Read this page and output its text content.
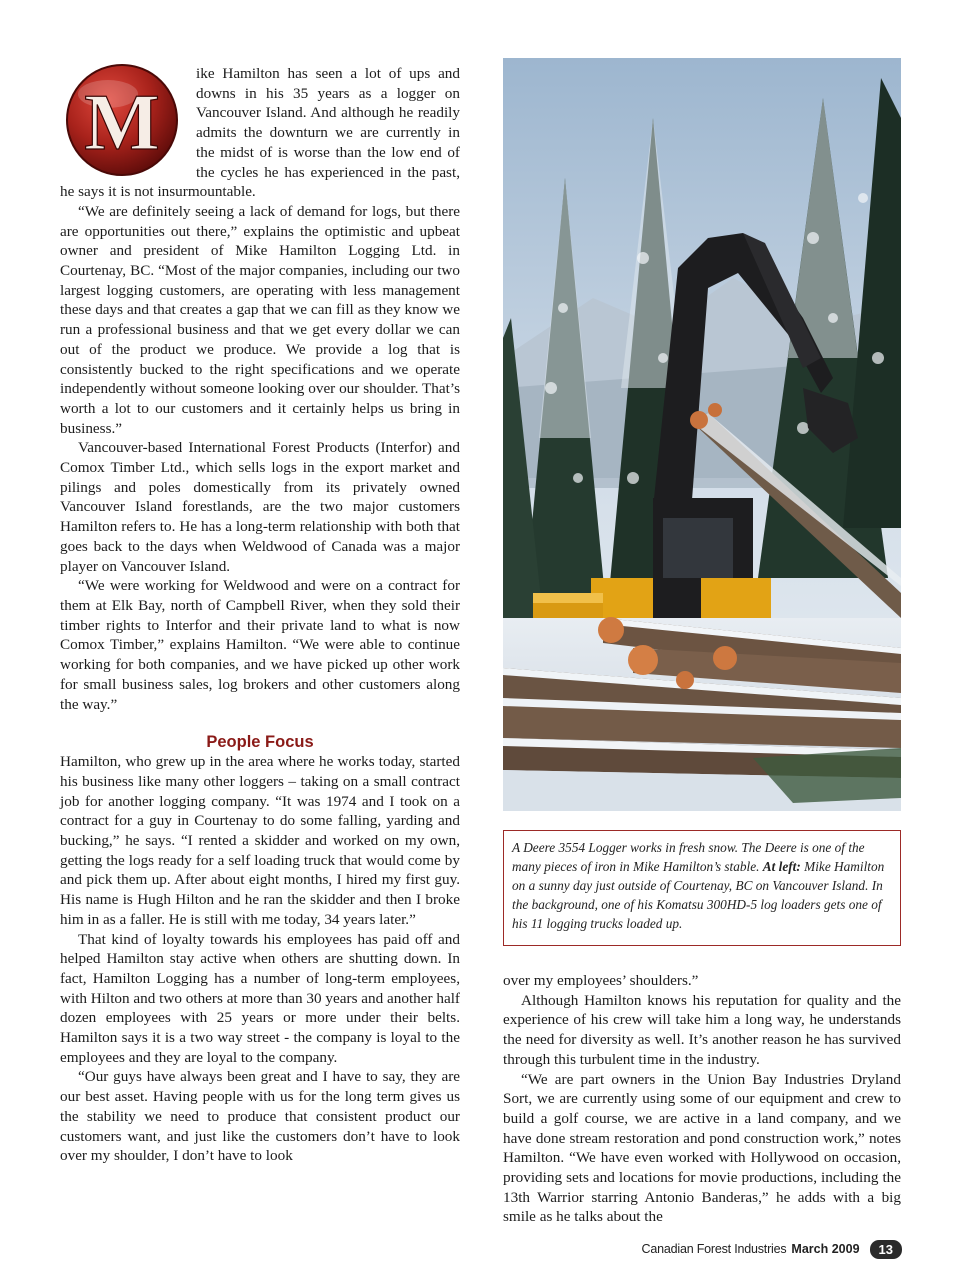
M

ike Hamilton has seen a lot of ups and downs in his 35 years as a logger on Vancouver Island. And although he readily admits the downturn we are currently in the midst of is worse than the low end of the cycles he has experienced in the past, he says it is not insurmountable.

“We are definitely seeing a lack of demand for logs, but there are opportunities out there,” explains the optimistic and upbeat owner and president of Mike Hamilton Logging Ltd. in Courtenay, BC. “Most of the major companies, including our two largest logging customers, are operating with less management these days and that creates a gap that we can fill as they know we run a professional business and that we get every dollar we can out of the product we produce. We provide a log that is consistently bucked to the right specifications and we operate independently without someone looking over our shoulder. That’s worth a lot to our customers and it certainly helps us bring in business.”

Vancouver-based International Forest Products (Interfor) and Comox Timber Ltd., which sells logs in the export market and pilings and poles domestically from its privately owned Vancouver Island forestlands, are the two major customers Hamilton refers to. He has a long-term relationship with both that goes back to the days when Weldwood of Canada was a major player on Vancouver Island.

“We were working for Weldwood and were on a contract for them at Elk Bay, north of Campbell River, when they sold their timber rights to Interfor and their private land to what is now Comox Timber,” explains Hamilton. “We were able to continue working for both companies, and we have picked up other work for small business sales, log brokers and other customers along the way.”

People Focus

Hamilton, who grew up in the area where he works today, started his business like many other loggers – taking on a small contract job for another logging company. “It was 1974 and I took on a contract for a guy in Courtenay to do some falling, yarding and bucking,” he says. “I rented a skidder and worked on my own, getting the logs ready for a self loading truck that would come by and pick them up. After about eight months, I hired my first guy. His name is Hugh Hilton and he ran the skidder and then I broke him in as a faller. He is still with me today, 34 years later.”

That kind of loyalty towards his employees has paid off and helped Hamilton stay active when others are shutting down. In fact, Hamilton Logging has a number of long-term employees, with Hilton and two others at more than 30 years and another half dozen employees with 25 years or more under their belts. Hamilton says it is a two way street - the company is loyal to the employees and they are loyal to the company.

“Our guys have always been great and I have to say, they are our best asset. Having people with us for the long term gives us the stability we need to produce that consistent product our customers want, and just like the customers don’t have to look over my shoulder, I don’t have to look

A Deere 3554 Logger works in fresh snow. The Deere is one of the many pieces of iron in Mike Hamilton’s stable. At left: Mike Hamilton on a sunny day just outside of Courtenay, BC on Vancouver Island. In the background, one of his Komatsu 300HD-5 log loaders gets one of his 11 logging trucks loaded up.

over my employees’ shoulders.”

Although Hamilton knows his reputation for quality and the experience of his crew will take him a long way, he understands the need for diversity as well. It’s another reason he has survived through this turbulent time in the industry.

“We are part owners in the Union Bay Industries Dryland Sort, we are currently using some of our equipment and crew to build a golf course, we are active in a land company, and we have done stream restoration and pond construction work,” notes Hamilton. “We have even worked with Hollywood on occasion, providing sets and locations for movie productions, including the 13th Warrior starring Antonio Banderas,” he adds with a big smile as he talks about the

Canadian Forest Industries March 2009	13
